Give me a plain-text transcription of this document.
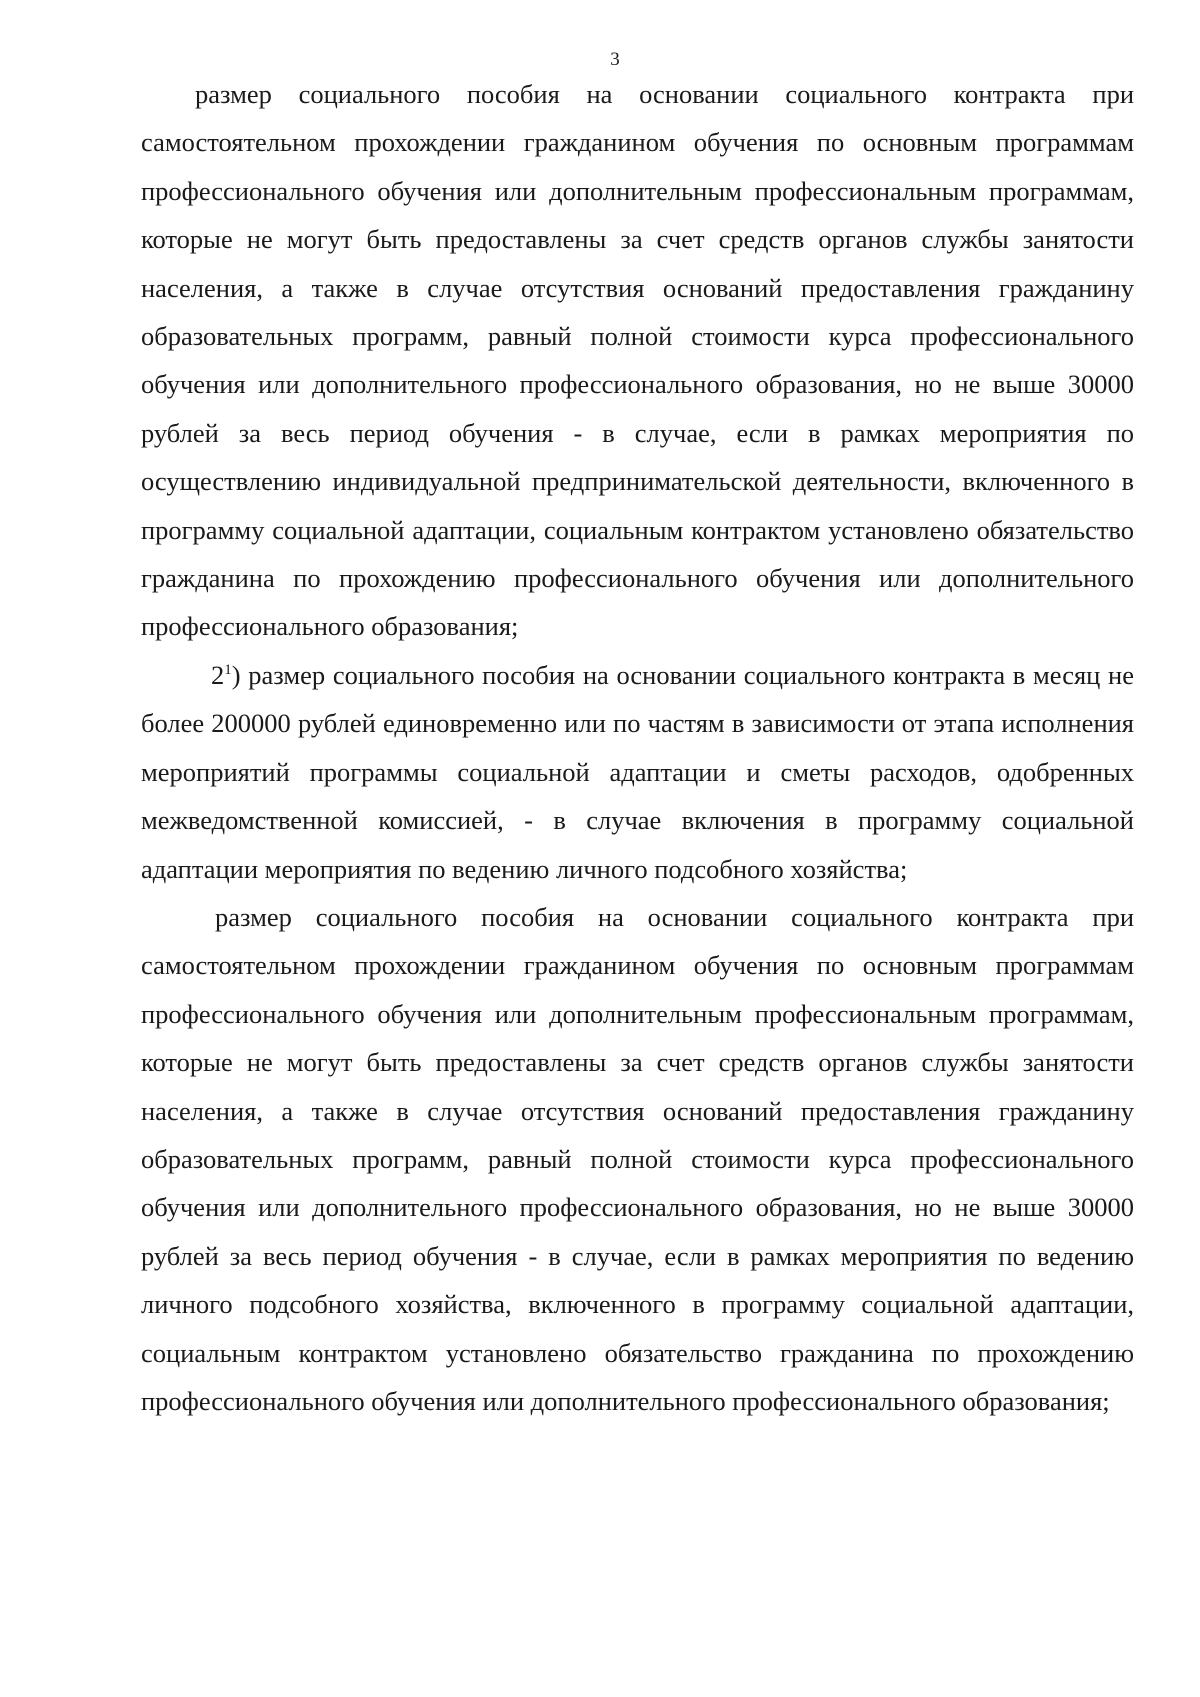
3

размер социального пособия на основании социального контракта при самостоятельном прохождении гражданином обучения по основным программам профессионального обучения или дополнительным профессиональным программам, которые не могут быть предоставлены за счет средств органов службы занятости населения, а также в случае отсутствия оснований предоставления гражданину образовательных программ, равный полной стоимости курса профессионального обучения или дополнительного профессионального образования, но не выше 30000 рублей за весь период обучения - в случае, если в рамках мероприятия по осуществлению индивидуальной предпринимательской деятельности, включенного в программу социальной адаптации, социальным контрактом установлено обязательство гражданина по прохождению профессионального обучения или дополнительного профессионального образования;

$2^1$) размер социального пособия на основании социального контракта в месяц не более 200000 рублей единовременно или по частям в зависимости от этапа исполнения мероприятий программы социальной адаптации и сметы расходов, одобренных межведомственной комиссией, - в случае включения в программу социальной адаптации мероприятия по ведению личного подсобного хозяйства;

размер социального пособия на основании социального контракта при самостоятельном прохождении гражданином обучения по основным программам профессионального обучения или дополнительным профессиональным программам, которые не могут быть предоставлены за счет средств органов службы занятости населения, а также в случае отсутствия оснований предоставления гражданину образовательных программ, равный полной стоимости курса профессионального обучения или дополнительного профессионального образования, но не выше 30000 рублей за весь период обучения - в случае, если в рамках мероприятия по ведению личного подсобного хозяйства, включенного в программу социальной адаптации, социальным контрактом установлено обязательство гражданина по прохождению профессионального обучения или дополнительного профессионального образования;
